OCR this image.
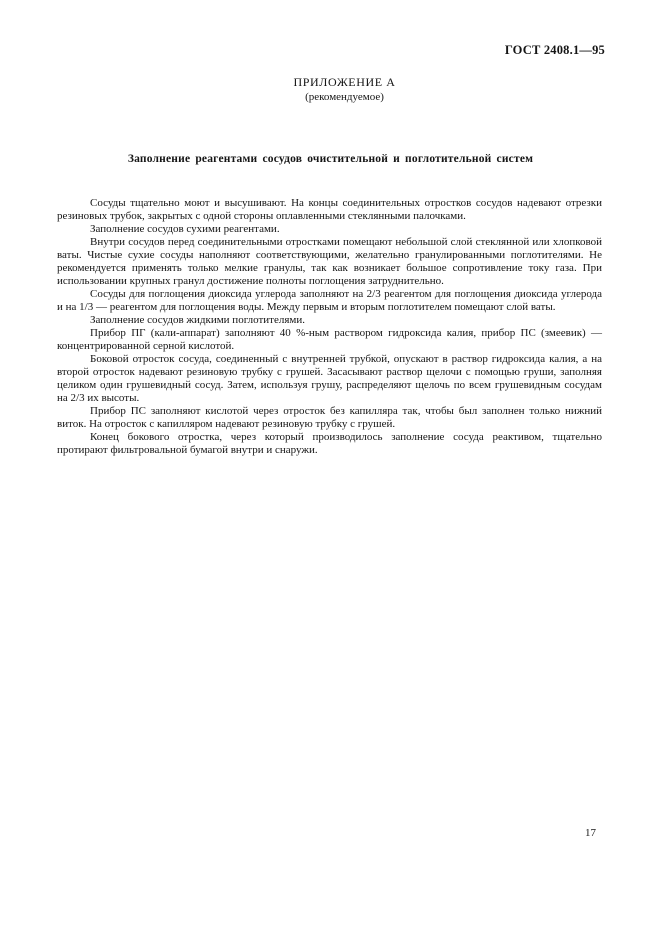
ГОСТ 2408.1—95
ПРИЛОЖЕНИЕ А
(рекомендуемое)
Заполнение реагентами сосудов очистительной и поглотительной систем

Сосуды тщательно моют и высушивают. На концы соединительных отростков сосудов надевают отрезки резиновых трубок, закрытых с одной стороны оплавленными стеклянными палочками.

Заполнение сосудов сухими реагентами.

Внутри сосудов перед соединительными отростками помещают небольшой слой стеклянной или хлопковой ваты. Чистые сухие сосуды наполняют соответствующими, желательно гранулированными поглотителями. Не рекомендуется применять только мелкие гранулы, так как возникает большое сопротивление току газа. При использовании крупных гранул достижение полноты поглощения затруднительно.

Сосуды для поглощения диоксида углерода заполняют на 2/3 реагентом для поглощения диоксида углерода и на 1/3 — реагентом для поглощения воды. Между первым и вторым поглотителем помещают слой ваты.

Заполнение сосудов жидкими поглотителями.

Прибор ПГ (кали-аппарат) заполняют 40 %-ным раствором гидроксида калия, прибор ПС (змеевик) — концентрированной серной кислотой.

Боковой отросток сосуда, соединенный с внутренней трубкой, опускают в раствор гидроксида калия, а на второй отросток надевают резиновую трубку с грушей. Засасывают раствор щелочи с помощью груши, заполняя целиком один грушевидный сосуд. Затем, используя грушу, распределяют щелочь по всем грушевидным сосудам на 2/3 их высоты.

Прибор ПС заполняют кислотой через отросток без капилляра так, чтобы был заполнен только нижний виток. На отросток с капилляром надевают резиновую трубку с грушей.

Конец бокового отростка, через который производилось заполнение сосуда реактивом, тщательно протирают фильтровальной бумагой внутри и снаружи.

17
